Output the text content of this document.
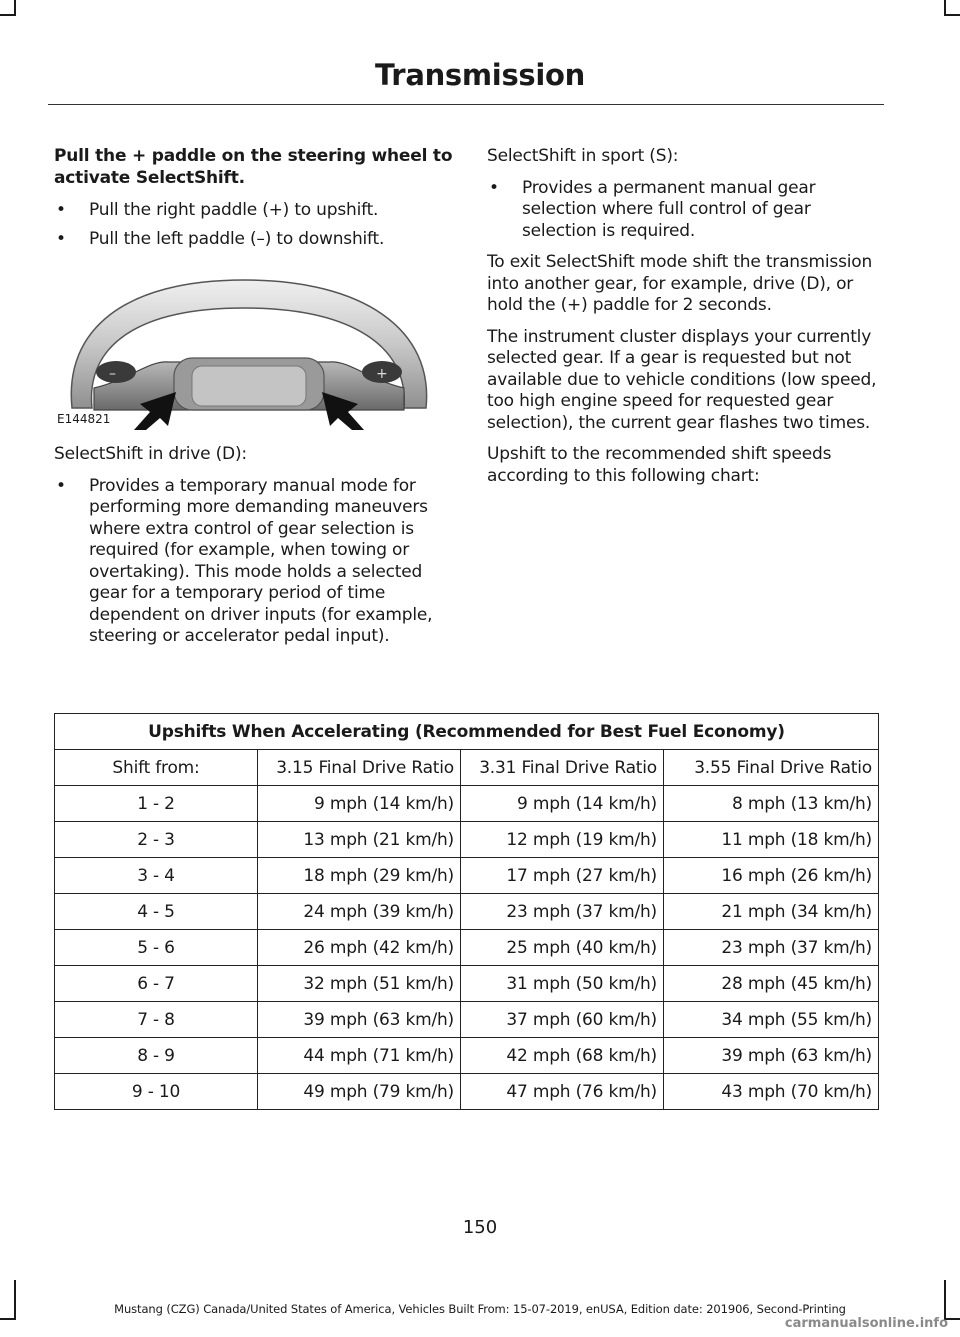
Transmission

Pull the + paddle on the steering wheel to activate SelectShift.

• Pull the right paddle (+) to upshift.
• Pull the left paddle (–) to downshift.
–	+
E144821

SelectShift in drive (D):

• Provides a temporary manual mode for performing more demanding maneuvers where extra control of gear selection is required (for example, when towing or overtaking). This mode holds a selected gear for a temporary period of time dependent on driver inputs (for example, steering or accelerator pedal input).

SelectShift in sport (S):

• Provides a permanent manual gear selection where full control of gear selection is required.

To exit SelectShift mode shift the transmission into another gear, for example, drive (D), or hold the (+) paddle for 2 seconds.

The instrument cluster displays your currently selected gear. If a gear is requested but not available due to vehicle conditions (low speed, too high engine speed for requested gear selection), the current gear flashes two times.

Upshift to the recommended shift speeds according to this following chart:

Upshifts When Accelerating (Recommended for Best Fuel Economy)			
Shift from:	3.15 Final Drive Ratio	3.31 Final Drive Ratio	3.55 Final Drive Ratio
1 - 2	9 mph (14 km/h)	9 mph (14 km/h)	8 mph (13 km/h)
2 - 3	13 mph (21 km/h)	12 mph (19 km/h)	11 mph (18 km/h)
3 - 4	18 mph (29 km/h)	17 mph (27 km/h)	16 mph (26 km/h)
4 - 5	24 mph (39 km/h)	23 mph (37 km/h)	21 mph (34 km/h)
5 - 6	26 mph (42 km/h)	25 mph (40 km/h)	23 mph (37 km/h)
6 - 7	32 mph (51 km/h)	31 mph (50 km/h)	28 mph (45 km/h)
7 - 8	39 mph (63 km/h)	37 mph (60 km/h)	34 mph (55 km/h)
8 - 9	44 mph (71 km/h)	42 mph (68 km/h)	39 mph (63 km/h)
9 - 10	49 mph (79 km/h)	47 mph (76 km/h)	43 mph (70 km/h)
150
Mustang (CZG) Canada/United States of America, Vehicles Built From: 15-07-2019, enUSA, Edition date: 201906, Second-Printing
carmanualsonline.info
